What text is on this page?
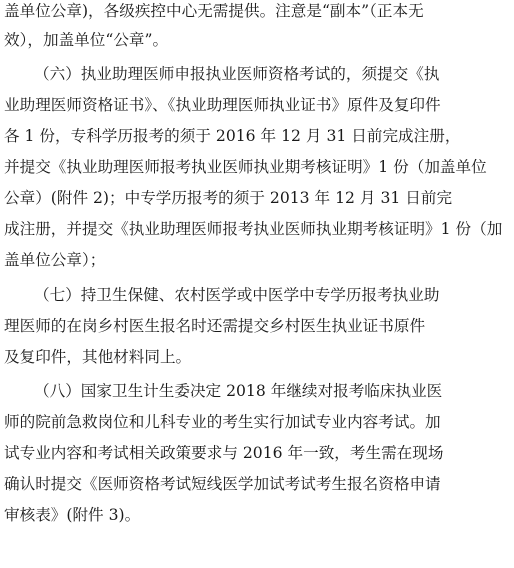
盖单位公章)，各级疾控中心无需提供。注意是“副本”（正本无
效），加盖单位“公章”。
（六）执业助理医师申报执业医师资格考试的，须提交《执
业助理医师资格证书》、《执业助理医师执业证书》原件及复印件
各 1 份，专科学历报考的须于 2016 年 12 月 31 日前完成注册，
并提交《执业助理医师报考执业医师执业期考核证明》1 份（加盖单位
公章）(附件 2)；中专学历报考的须于 2013 年 12 月 31 日前完
成注册，并提交《执业助理医师报考执业医师执业期考核证明》1 份（加
盖单位公章）；
（七）持卫生保健、农村医学或中医学中专学历报考执业助
理医师的在岗乡村医生报名时还需提交乡村医生执业证书原件
及复印件，其他材料同上。
（八）国家卫生计生委决定 2018 年继续对报考临床执业医
师的院前急救岗位和儿科专业的考生实行加试专业内容考试。加
试专业内容和考试相关政策要求与 2016 年一致，考生需在现场
确认时提交《医师资格考试短线医学加试考试考生报名资格申请
审核表》(附件 3)。
